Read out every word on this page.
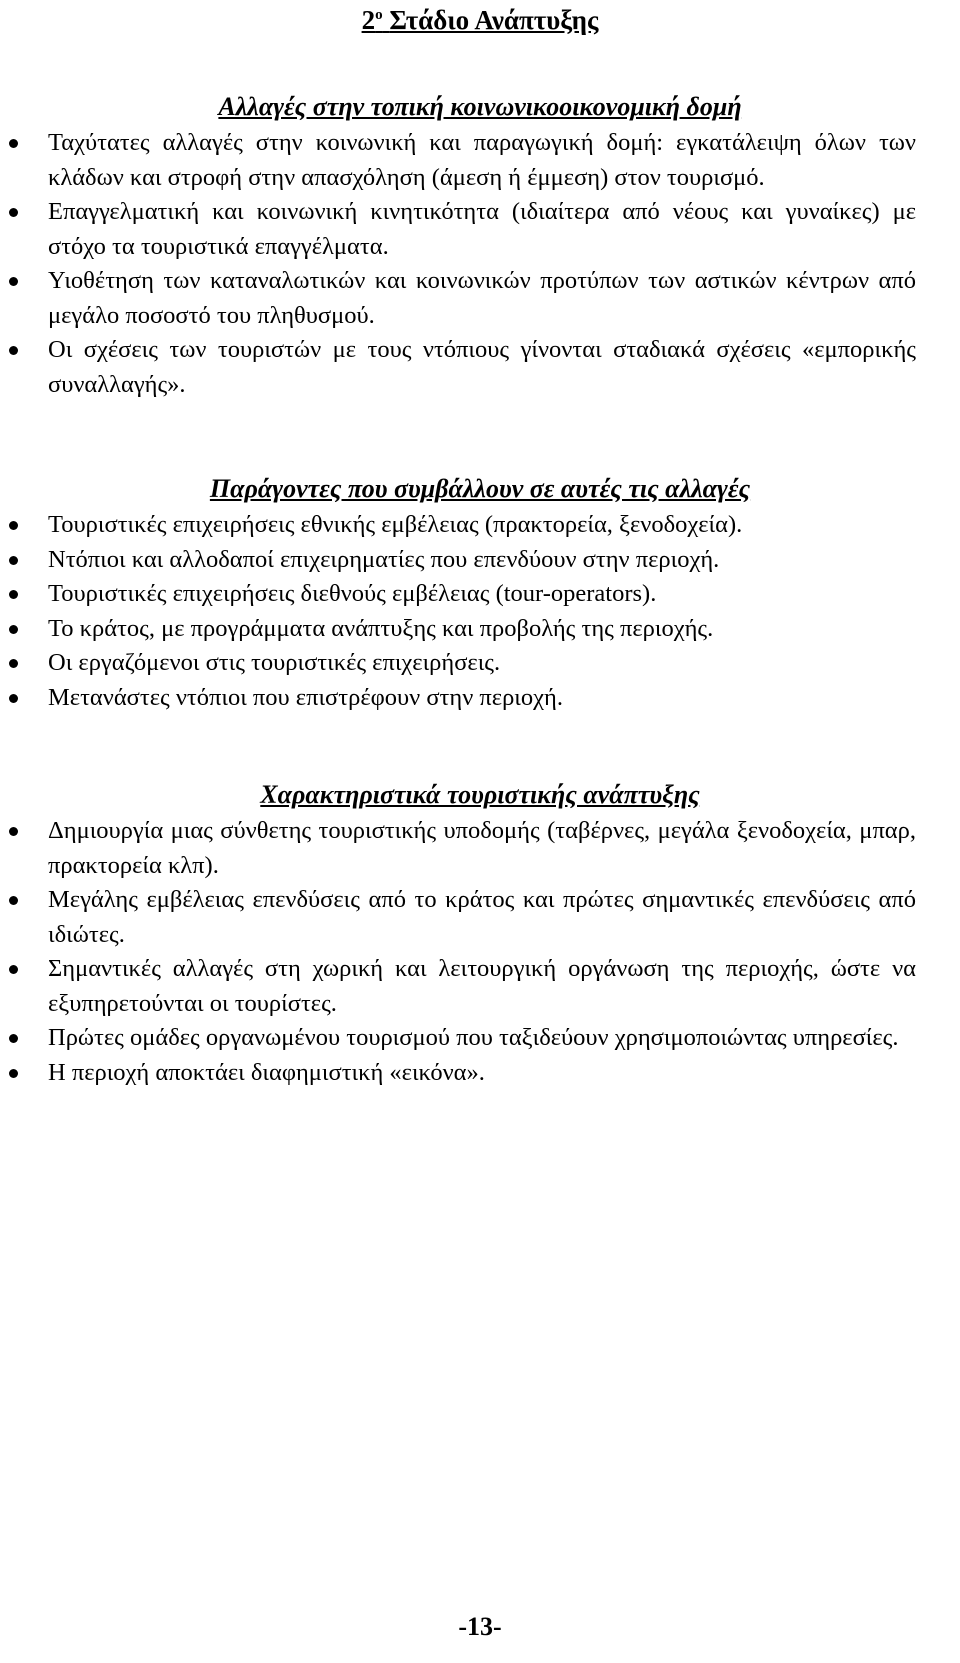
$2^o$ Στάδιο Ανάπτυξης
Αλλαγές στην τοπική κοινωνικοοικονομική δομή
Ταχύτατες αλλαγές στην κοινωνική και παραγωγική δομή: εγκατάλειψη όλων των κλάδων και στροφή στην απασχόληση (άμεση ή έμμεση) στον τουρισμό.
Επαγγελματική και κοινωνική κινητικότητα (ιδιαίτερα από νέους και γυναίκες) με στόχο τα τουριστικά επαγγέλματα.
Υιοθέτηση των καταναλωτικών και κοινωνικών προτύπων των αστικών κέντρων από μεγάλο ποσοστό του πληθυσμού.
Οι σχέσεις των τουριστών με τους ντόπιους γίνονται σταδιακά σχέσεις «εμπορικής συναλλαγής».
Παράγοντες που συμβάλλουν σε αυτές τις αλλαγές
Τουριστικές επιχειρήσεις εθνικής εμβέλειας (πρακτορεία, ξενοδοχεία).
Ντόπιοι και αλλοδαποί επιχειρηματίες που επενδύουν στην περιοχή.
Τουριστικές επιχειρήσεις διεθνούς εμβέλειας (tour-operators).
Το κράτος, με προγράμματα ανάπτυξης και προβολής της περιοχής.
Οι εργαζόμενοι στις τουριστικές επιχειρήσεις.
Μετανάστες ντόπιοι που επιστρέφουν στην περιοχή.
Χαρακτηριστικά τουριστικής ανάπτυξης
Δημιουργία μιας σύνθετης τουριστικής υποδομής (ταβέρνες, μεγάλα ξενοδοχεία, μπαρ, πρακτορεία κλπ).
Μεγάλης εμβέλειας επενδύσεις από το κράτος και πρώτες σημαντικές επενδύσεις από ιδιώτες.
Σημαντικές αλλαγές στη χωρική και λειτουργική οργάνωση της περιοχής, ώστε να εξυπηρετούνται οι τουρίστες.
Πρώτες ομάδες οργανωμένου τουρισμού που ταξιδεύουν χρησιμοποιώντας υπηρεσίες.
Η περιοχή αποκτάει διαφημιστική «εικόνα».
-13-
